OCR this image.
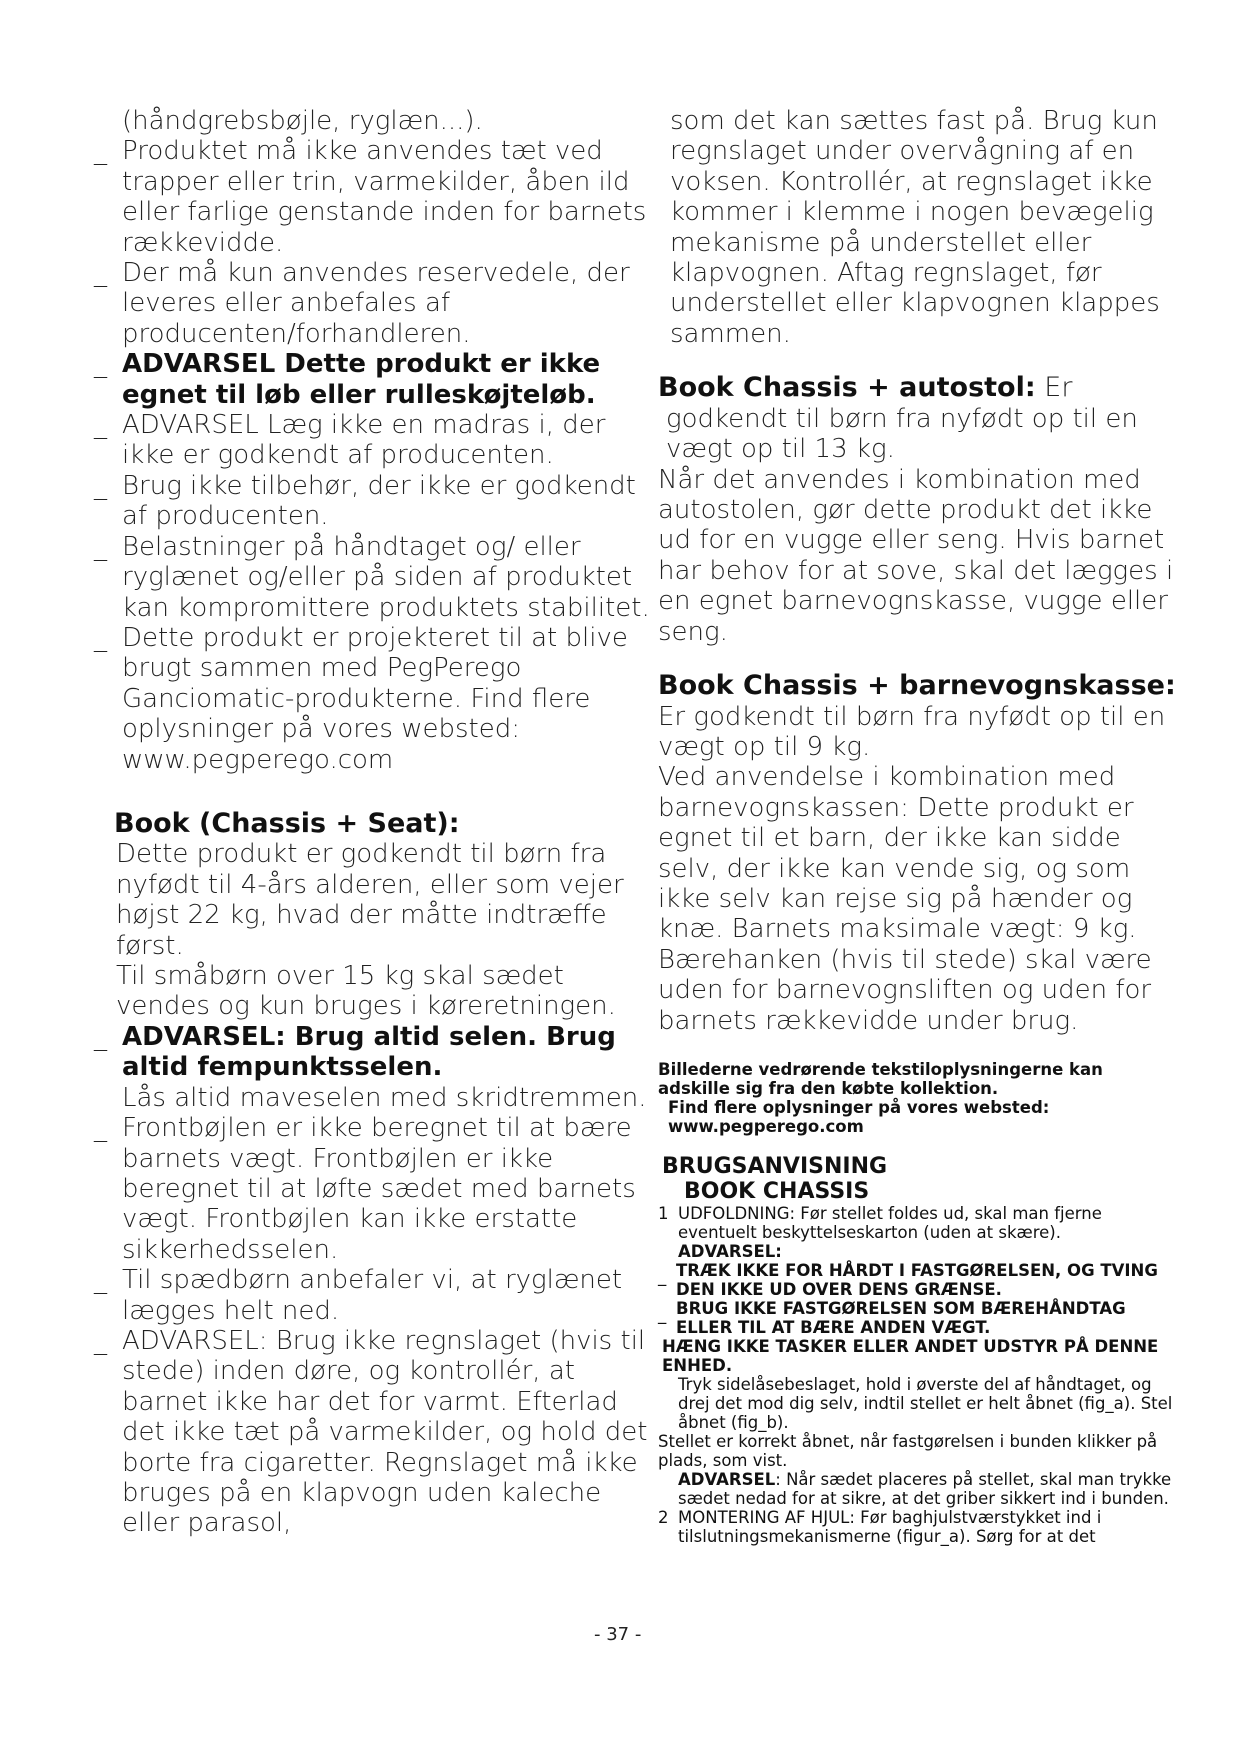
(håndgrebsbøjle, ryglæn...).
_ Produktet må ikke anvendes tæt ved trapper eller trin, varmekilder, åben ild eller farlige genstande inden for barnets rækkevidde.
_ Der må kun anvendes reservedele, der leveres eller anbefales af producenten/forhandleren.
_ ADVARSEL Dette produkt er ikke egnet til løb eller rulleskøjteløb.
_ ADVARSEL Læg ikke en madras i, der ikke er godkendt af producenten.
_ Brug ikke tilbehør, der ikke er godkendt af producenten.
_ Belastninger på håndtaget og/ eller ryglænet og/eller på siden af produktet kan kompromittere produktets stabilitet.
_ Dette produkt er projekteret til at blive brugt sammen med PegPerego Ganciomatic-produkterne. Find flere oplysninger på vores websted: www.pegperego.com
Book (Chassis + Seat):
Dette produkt er godkendt til børn fra nyfødt til 4-års alderen, eller som vejer højst 22 kg, hvad der måtte indtræffe først.
Til småbørn over 15 kg skal sædet vendes og kun bruges i køreretningen.
_ ADVARSEL: Brug altid selen. Brug altid fempunktsselen.
Lås altid maveselen med skridtremmen.
_ Frontbøjlen er ikke beregnet til at bære barnets vægt. Frontbøjlen er ikke beregnet til at løfte sædet med barnets vægt. Frontbøjlen kan ikke erstatte sikkerhedsselen.
_ Til spædbørn anbefaler vi, at ryglænet lægges helt ned.
_ ADVARSEL: Brug ikke regnslaget (hvis til stede) inden døre, og kontrollér, at barnet ikke har det for varmt. Efterlad det ikke tæt på varmekilder, og hold det borte fra cigaretter. Regnslaget må ikke bruges på en klapvogn uden kaleche eller parasol,
som det kan sættes fast på. Brug kun regnslaget under overvågning af en voksen. Kontrollér, at regnslaget ikke kommer i klemme i nogen bevægelig mekanisme på understellet eller klapvognen. Aftag regnslaget, før understellet eller klapvognen klappes sammen.
Book Chassis + autostol: Er
godkendt til børn fra nyfødt op til en vægt op til 13 kg.
Når det anvendes i kombination med autostolen, gør dette produkt det ikke ud for en vugge eller seng. Hvis barnet har behov for at sove, skal det lægges i en egnet barnevognskasse, vugge eller seng.
Book Chassis + barnevognskasse:
Er godkendt til børn fra nyfødt op til en vægt op til 9 kg.
Ved anvendelse i kombination med barnevognskassen: Dette produkt er egnet til et barn, der ikke kan sidde selv, der ikke kan vende sig, og som ikke selv kan rejse sig på hænder og knæ. Barnets maksimale vægt: 9 kg. Bærehanken (hvis til stede) skal være uden for barnevognsliften og uden for barnets rækkevidde under brug.
Billederne vedrørende tekstiloplysningerne kan adskille sig fra den købte kollektion.
Find flere oplysninger på vores websted: www.pegperego.com
BRUGSANVISNING
BOOK CHASSIS
1 UDFOLDNING: Før stellet foldes ud, skal man fjerne eventuelt beskyttelseskarton (uden at skære).
ADVARSEL:
_ TRÆK IKKE FOR HÅRDT I FASTGØRELSEN, OG TVING DEN IKKE UD OVER DENS GRÆNSE.
_ BRUG IKKE FASTGØRELSEN SOM BÆREHÅNDTAG ELLER TIL AT BÆRE ANDEN VÆGT.
HÆNG IKKE TASKER ELLER ANDET UDSTYR PÅ DENNE ENHED.
Tryk sidelåsebeslaget, hold i øverste del af håndtaget, og drej det mod dig selv, indtil stellet er helt åbnet (fig_a). Stel åbnet (fig_b).
Stellet er korrekt åbnet, når fastgørelsen i bunden klikker på plads, som vist.
ADVARSEL: Når sædet placeres på stellet, skal man trykke sædet nedad for at sikre, at det griber sikkert ind i bunden.
2 MONTERING AF HJUL: Før baghjulstværstykket ind i tilslutningsmekanismerne (figur_a). Sørg for at det
- 37 -
